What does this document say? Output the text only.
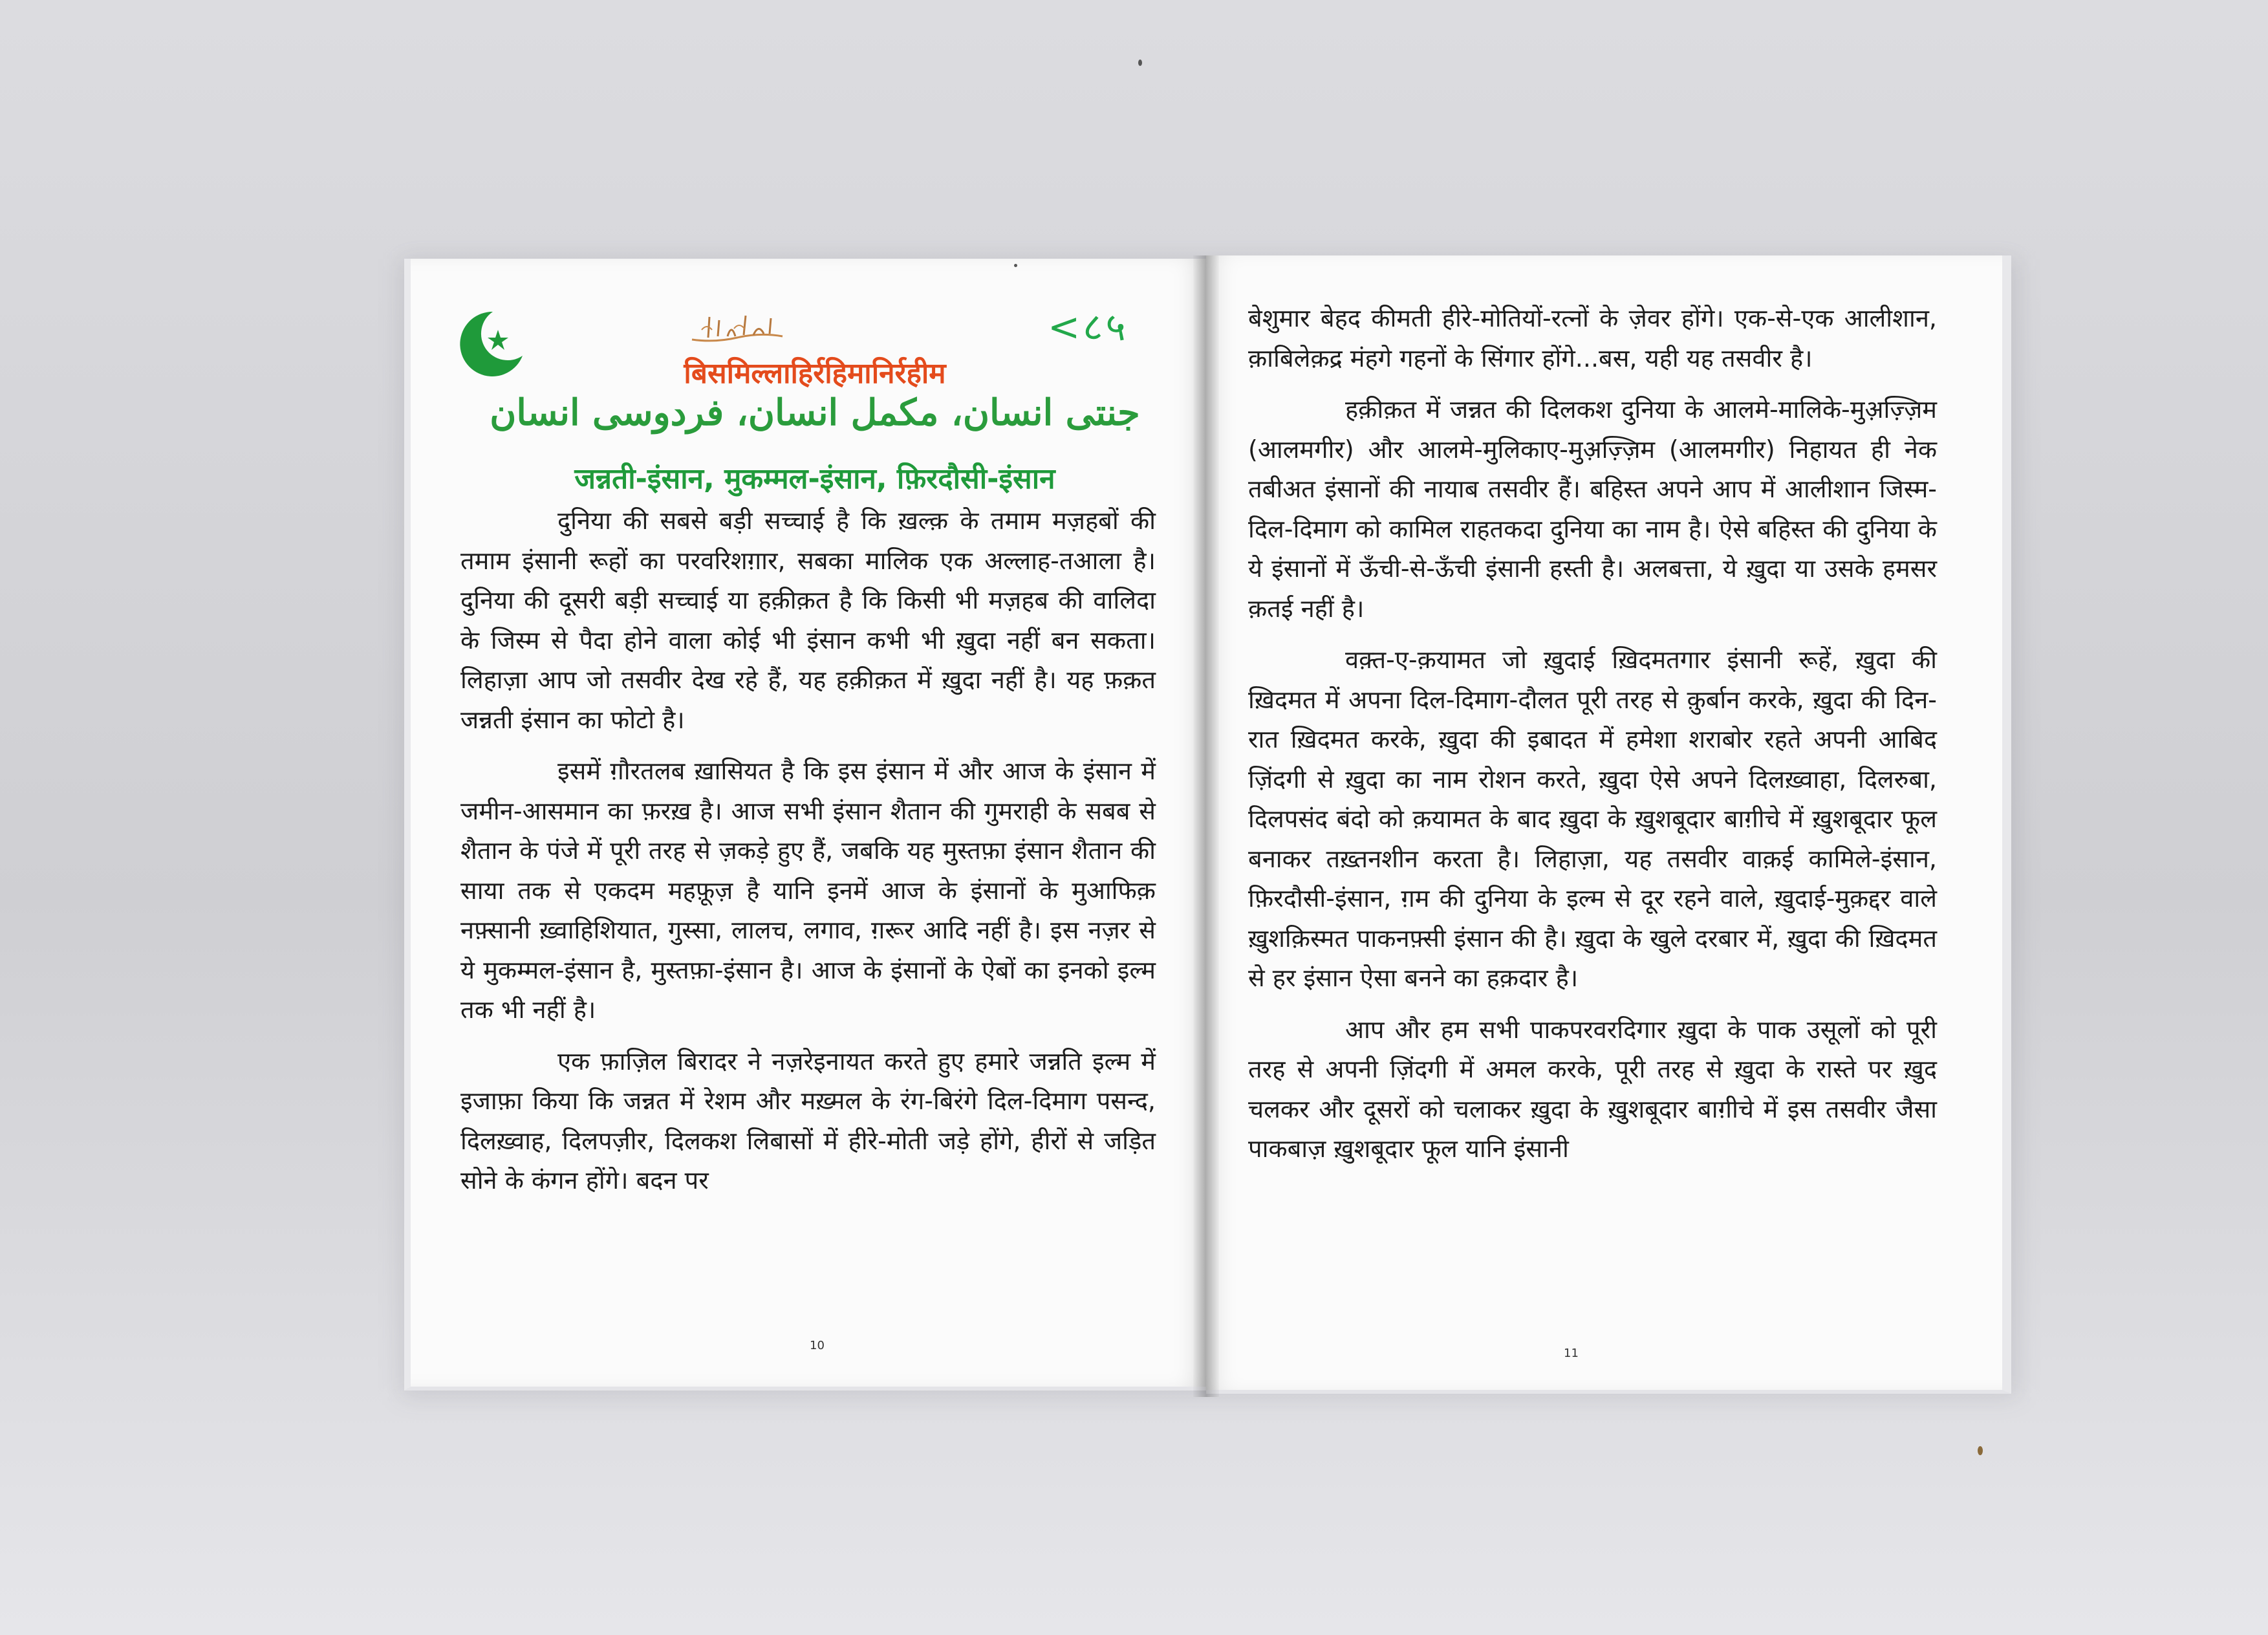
<८५
बिसमिल्लाहिर्रहिमानिर्रहीम
جنتی انسان، مکمل انسان، فردوسی انسان
जन्नती-इंसान, मुकम्मल-इंसान, फ़िरदौसी-इंसान

दुनिया की सबसे बड़ी सच्चाई है कि ख़ल्क़ के तमाम मज़हबों की तमाम इंसानी रूहों का परवरिशग़ार, सबका मालिक एक अल्लाह-तआला है। दुनिया की दूसरी बड़ी सच्चाई या हक़ीक़त है कि किसी भी मज़हब की वालिदा के जिस्म से पैदा होने वाला कोई भी इंसान कभी भी ख़ुदा नहीं बन सकता। लिहाज़ा आप जो तसवीर देख रहे हैं, यह हक़ीक़त में ख़ुदा नहीं है। यह फ़क़त जन्नती इंसान का फोटो है।

इसमें ग़ौरतलब ख़ासियत है कि इस इंसान में और आज के इंसान में जमीन-आसमान का फ़रख़ है। आज सभी इंसान शैतान की गुमराही के सबब से शैतान के पंजे में पूरी तरह से ज़कड़े हुए हैं, जबकि यह मुस्तफ़ा इंसान शैतान की साया तक से एकदम महफ़ूज़ है यानि इनमें आज के इंसानों के मुआफिक़ नफ़्सानी ख़्वाहिशियात, गुस्सा, लालच, लगाव, ग़रूर आदि नहीं है। इस नज़र से ये मुकम्मल-इंसान है, मुस्तफ़ा-इंसान है। आज के इंसानों के ऐबों का इनको इल्म तक भी नहीं है।

एक फ़ाज़िल बिरादर ने नज़रेइनायत करते हुए हमारे जन्नति इल्म में इजाफ़ा किया कि जन्नत में रेशम और मख़्मल के रंग-बिरंगे दिल-दिमाग पसन्द, दिलख़्वाह, दिलपज़ीर, दिलकश लिबासों में हीरे-मोती जड़े होंगे, हीरों से जड़ित सोने के कंगन होंगे। बदन पर

10

बेशुमार बेहद कीमती हीरे-मोतियों-रत्नों के ज़ेवर होंगे। एक-से-एक आलीशान, क़ाबिलेक़द्र मंहगे गहनों के सिंगार होंगे...बस, यही यह तसवीर है।

हक़ीक़त में जन्नत की दिलकश दुनिया के आलमे-मालिके-मुअ़ज़्ज़िम (आलमगीर) और आलमे-मुलिकाए-मुअ़ज़्ज़िम (आलमगीर) निहायत ही नेक तबीअत इंसानों की नायाब तसवीर हैं। बहिस्त अपने आप में आलीशान जिस्म-दिल-दिमाग को कामिल राहतकदा दुनिया का नाम है। ऐसे बहिस्त की दुनिया के ये इंसानों में ऊँची-से-ऊँची इंसानी हस्ती है। अलबत्ता, ये ख़ुदा या उसके हमसर क़तई नहीं है।

वक़्त-ए-क़यामत जो ख़ुदाई ख़िदमतगार इंसानी रूहें, ख़ुदा की ख़िदमत में अपना दिल-दिमाग-दौलत पूरी तरह से क़ुर्बान करके, ख़ुदा की दिन-रात ख़िदमत करके, ख़ुदा की इबादत में हमेशा शराबोर रहते अपनी आबिद ज़िंदगी से ख़ुदा का नाम रोशन करते, ख़ुदा ऐसे अपने दिलख़्वाहा, दिलरुबा, दिलपसंद बंदो को क़यामत के बाद ख़ुदा के ख़ुशबूदार बाग़ीचे में ख़ुशबूदार फूल बनाकर तख़्तनशीन करता है। लिहाज़ा, यह तसवीर वाक़ई कामिले-इंसान, फ़िरदौसी-इंसान, ग़म की दुनिया के इल्म से दूर रहने वाले, ख़ुदाई-मुक़द्दर वाले ख़ुशक़िस्मत पाकनफ़्सी इंसान की है। ख़ुदा के खुले दरबार में, ख़ुदा की ख़िदमत से हर इंसान ऐसा बनने का हक़दार है।

आप और हम सभी पाकपरवरदिगार ख़ुदा के पाक उसूलों को पूरी तरह से अपनी ज़िंदगी में अमल करके, पूरी तरह से ख़ुदा के रास्ते पर ख़ुद चलकर और दूसरों को चलाकर ख़ुदा के ख़ुशबूदार बाग़ीचे में इस तसवीर जैसा पाकबाज़ ख़ुशबूदार फूल यानि इंसानी

11
